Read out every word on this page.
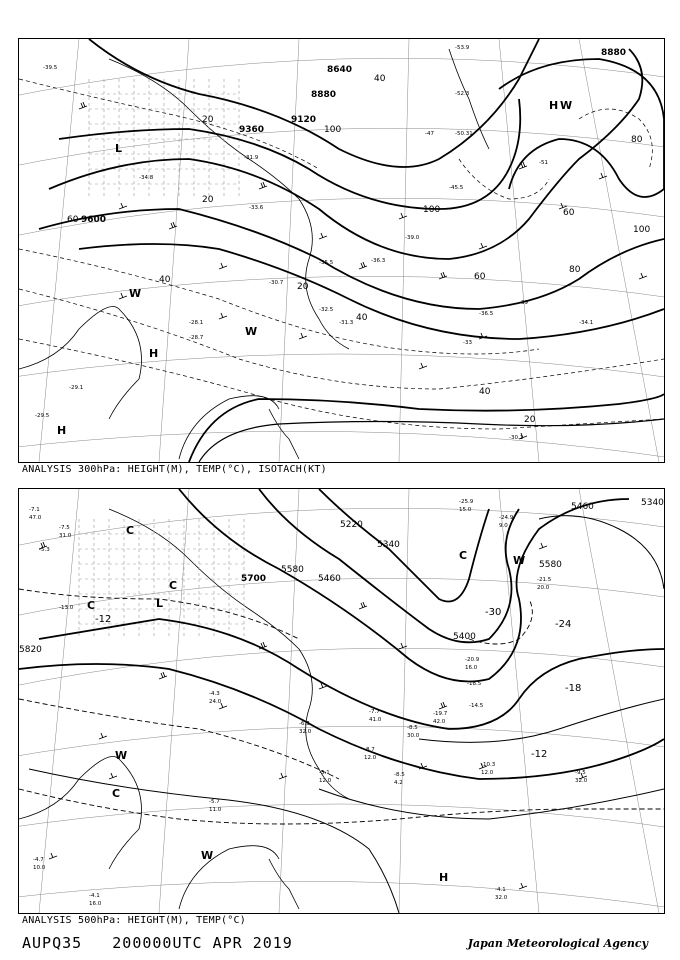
8640
8880
9120
9360
9600
8880
20
40
60
80
100
100
60
40
20
40
20
40
20
80
100
60
L
H
H
W
W
H W
-39.5
-34.8
-33.6
-35.5	-36.3
-39.0
-30.1
-29.1
-28.7
-31.3
-32.5
-36.5
-34.1
-33
-39
-51
-45.5
-53.9
-52.3
-50.31
-47
-28.1
-30.7
-29.5
-31.9
ANALYSIS 300hPa: HEIGHT(M), TEMP(°C), ISOTACH(KT)
5220
5580
5460
5700
5820
5400
5580
5460	5340
5340
-12
-18
-24
-12
-30
C
C
L
C
C
W
C
W
H
W
-7.1
47.0
-7.5
31.0
-13.0
-5.3
-5.1
12.0
-8.7
12.0
-8.5
4.2
-10.3
12.0	-9.5
32.0
-4.1
32.0
-4.1
16.0
-5.7
11.0
-4.7
10.0
-24.9
9.0
-25.9
15.0
-21.5
20.0
-14.5
-20.9
16.0
-18.5
-19.7
42.0
-8.5
30.0
-7.7
41.0
-6.3
32.0
-4.3
24.0
ANALYSIS 500hPa: HEIGHT(M), TEMP(°C)
AUPQ35 200000UTC APR 2019	Japan Meteorological Agency
